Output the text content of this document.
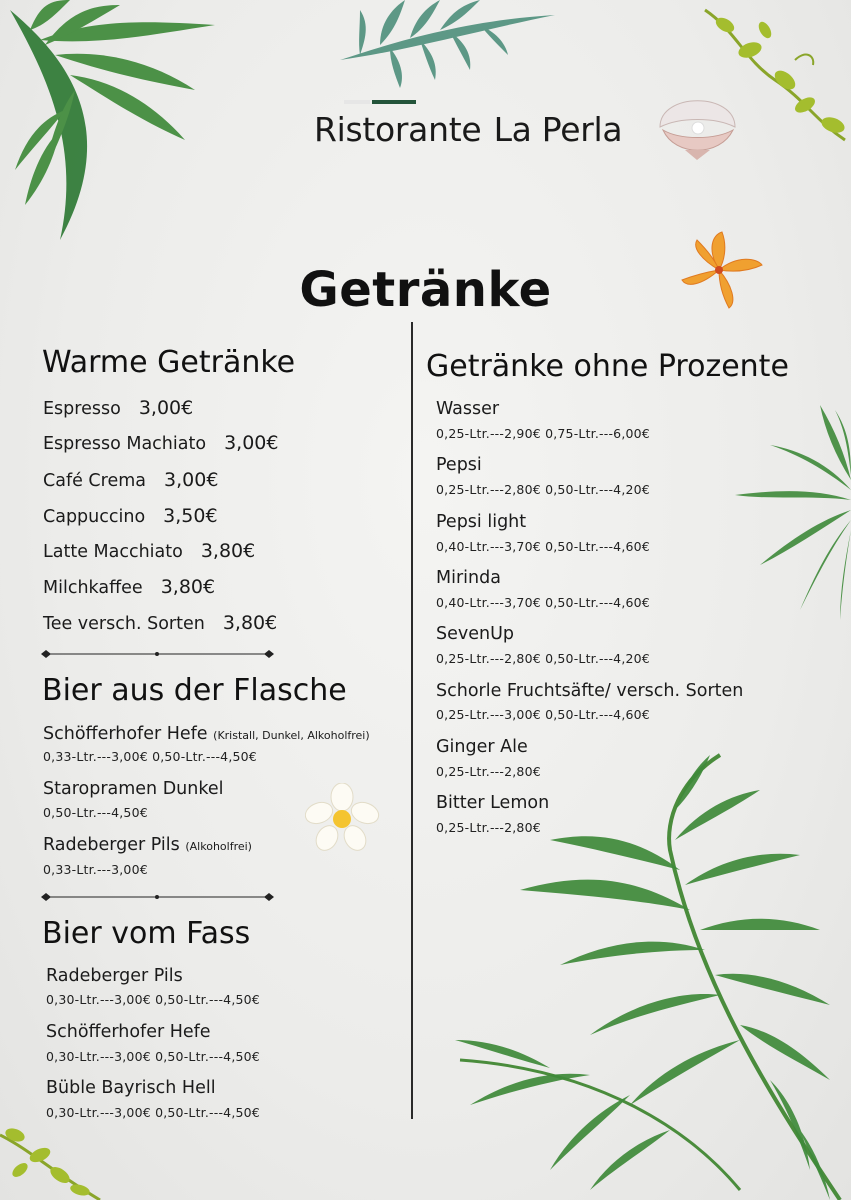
Ristorante La Perla
Getränke
Warme Getränke
Espresso 3,00€
Espresso Machiato 3,00€
Café Crema 3,00€
Cappuccino 3,50€
Latte Macchiato 3,80€
Milchkaffee 3,80€
Tee versch. Sorten 3,80€
Bier aus der Flasche
Schöfferhofer Hefe (Kristall, Dunkel, Alkoholfrei)
0,33-Ltr.---3,00€ 0,50-Ltr.---4,50€
Staropramen Dunkel
0,50-Ltr.---4,50€
Radeberger Pils (Alkoholfrei)
0,33-Ltr.---3,00€
Bier vom Fass
Radeberger Pils
0,30-Ltr.---3,00€ 0,50-Ltr.---4,50€
Schöfferhofer Hefe
0,30-Ltr.---3,00€ 0,50-Ltr.---4,50€
Büble Bayrisch Hell
0,30-Ltr.---3,00€ 0,50-Ltr.---4,50€
Getränke ohne Prozente
Wasser
0,25-Ltr.---2,90€ 0,75-Ltr.---6,00€
Pepsi
0,25-Ltr.---2,80€ 0,50-Ltr.---4,20€
Pepsi light
0,40-Ltr.---3,70€ 0,50-Ltr.---4,60€
Mirinda
0,40-Ltr.---3,70€ 0,50-Ltr.---4,60€
SevenUp
0,25-Ltr.---2,80€ 0,50-Ltr.---4,20€
Schorle Fruchtsäfte/ versch. Sorten
0,25-Ltr.---3,00€ 0,50-Ltr.---4,60€
Ginger Ale
0,25-Ltr.---2,80€
Bitter Lemon
0,25-Ltr.---2,80€
